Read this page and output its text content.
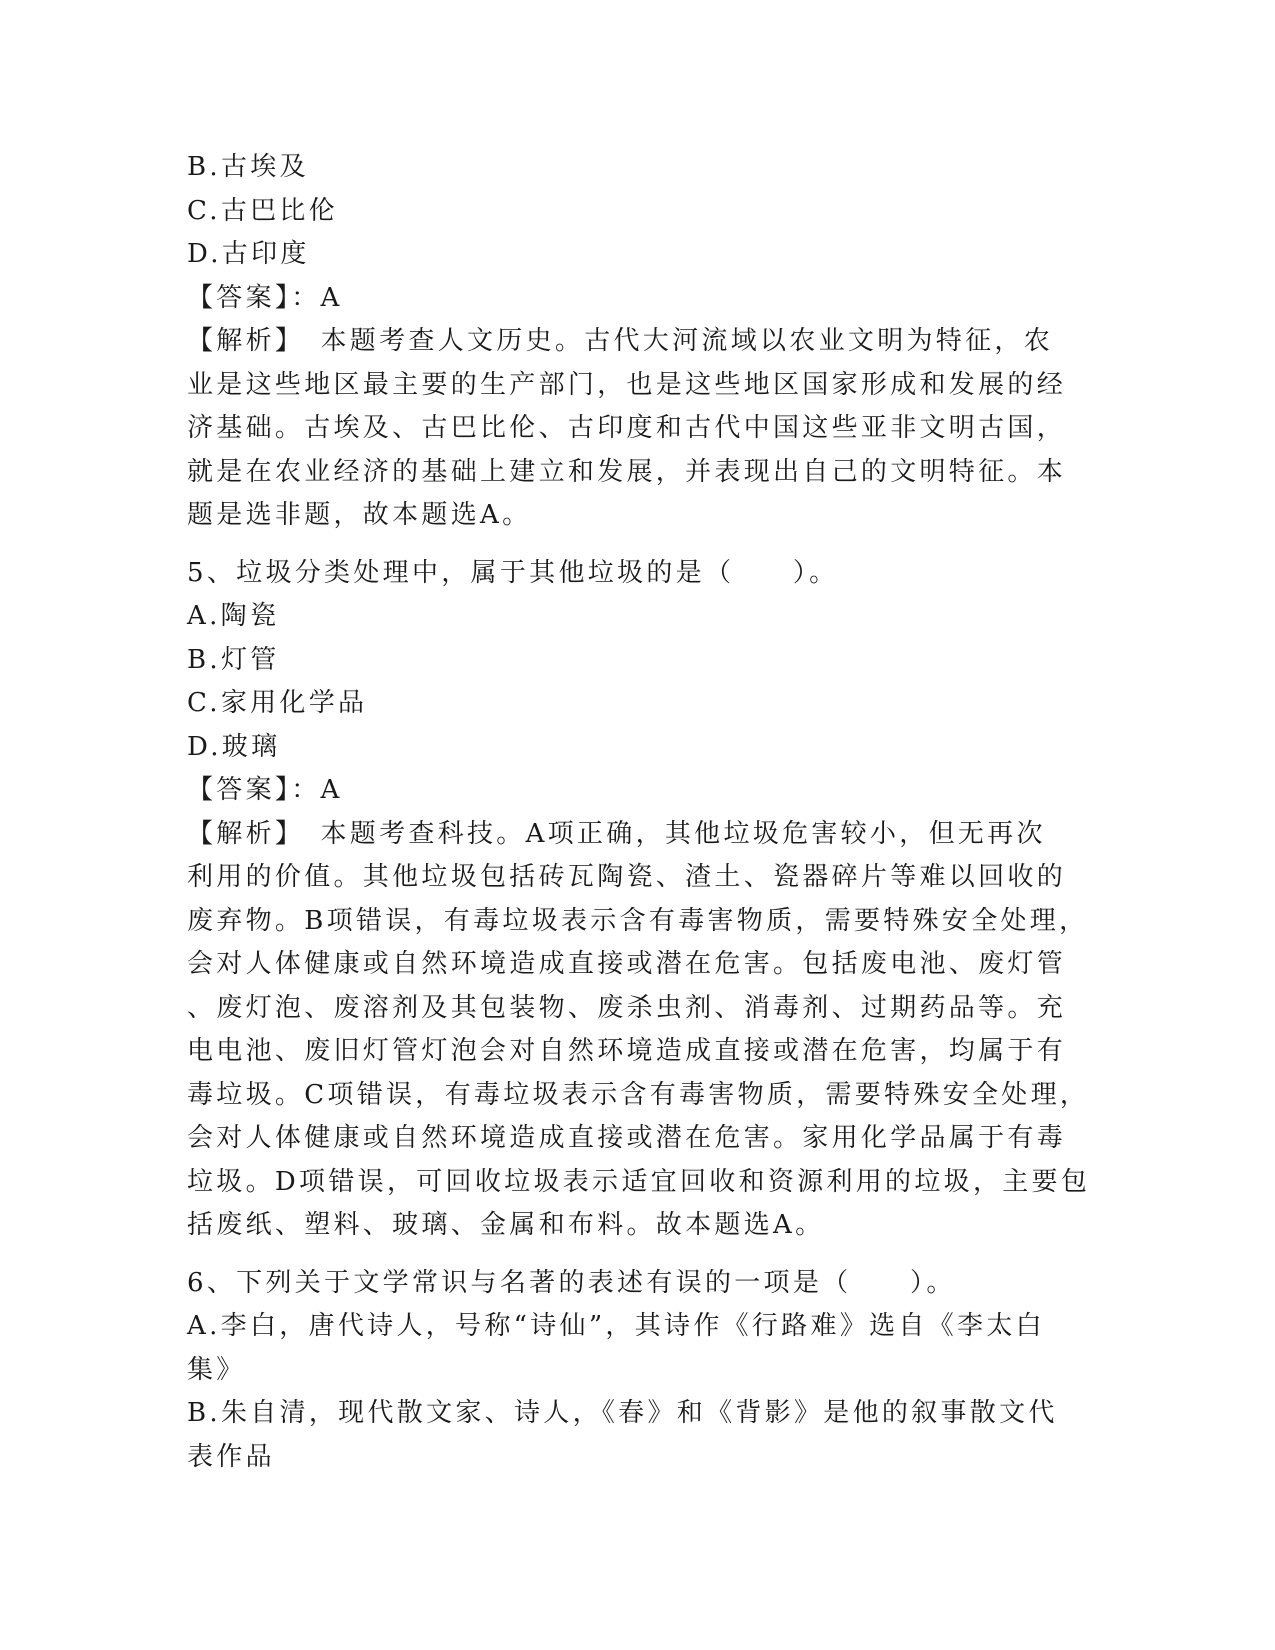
B.古埃及

C.古巴比伦

D.古印度

【答案】：A

【解析】　本题考查人文历史。古代大河流域以农业文明为特征，农

业是这些地区最主要的生产部门，也是这些地区国家形成和发展的经

济基础。古埃及、古巴比伦、古印度和古代中国这些亚非文明古国，

就是在农业经济的基础上建立和发展，并表现出自己的文明特征。本

题是选非题，故本题选A。

5、垃圾分类处理中，属于其他垃圾的是（　　）。

A.陶瓷

B.灯管

C.家用化学品

D.玻璃

【答案】：A

【解析】　本题考查科技。A项正确，其他垃圾危害较小，但无再次

利用的价值。其他垃圾包括砖瓦陶瓷、渣土、瓷器碎片等难以回收的

废弃物。B项错误，有毒垃圾表示含有毒害物质，需要特殊安全处理，

会对人体健康或自然环境造成直接或潜在危害。包括废电池、废灯管

、废灯泡、废溶剂及其包装物、废杀虫剂、消毒剂、过期药品等。充

电电池、废旧灯管灯泡会对自然环境造成直接或潜在危害，均属于有

毒垃圾。C项错误，有毒垃圾表示含有毒害物质，需要特殊安全处理，

会对人体健康或自然环境造成直接或潜在危害。家用化学品属于有毒

垃圾。D项错误，可回收垃圾表示适宜回收和资源利用的垃圾，主要包

括废纸、塑料、玻璃、金属和布料。故本题选A。

6、下列关于文学常识与名著的表述有误的一项是（　　）。

A.李白，唐代诗人，号称“诗仙”，其诗作《行路难》选自《李太白

集》

B.朱自清，现代散文家、诗人，《春》和《背影》是他的叙事散文代

表作品
